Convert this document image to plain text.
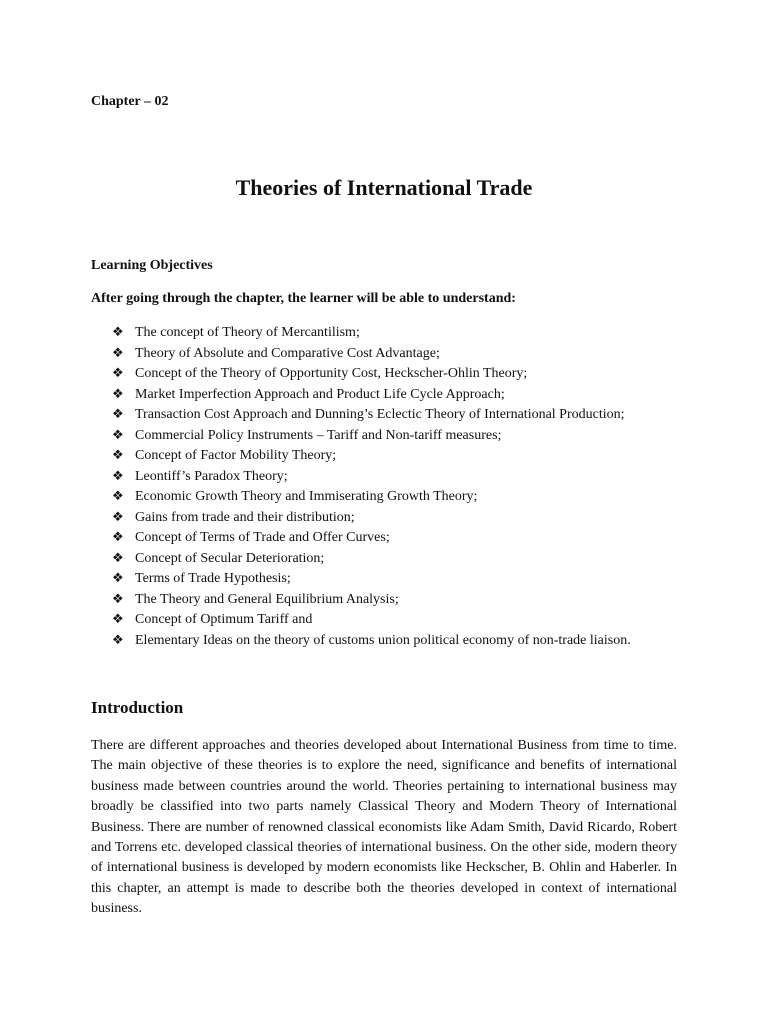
Chapter – 02
Theories of International Trade
Learning Objectives
After going through the chapter, the learner will be able to understand:
❖ The concept of Theory of Mercantilism;
❖ Theory of Absolute and Comparative Cost Advantage;
❖ Concept of the Theory of Opportunity Cost, Heckscher-Ohlin Theory;
❖ Market Imperfection Approach and Product Life Cycle Approach;
❖ Transaction Cost Approach and Dunning’s Eclectic Theory of International Production;
❖ Commercial Policy Instruments – Tariff and Non-tariff measures;
❖ Concept of Factor Mobility Theory;
❖ Leontiff’s Paradox Theory;
❖ Economic Growth Theory and Immiserating Growth Theory;
❖ Gains from trade and their distribution;
❖ Concept of Terms of Trade and Offer Curves;
❖ Concept of Secular Deterioration;
❖ Terms of Trade Hypothesis;
❖ The Theory and General Equilibrium Analysis;
❖ Concept of Optimum Tariff and
❖ Elementary Ideas on the theory of customs union political economy of non-trade liaison.
Introduction

There are different approaches and theories developed about International Business from time to time. The main objective of these theories is to explore the need, significance and benefits of international business made between countries around the world. Theories pertaining to international business may broadly be classified into two parts namely Classical Theory and Modern Theory of International Business. There are number of renowned classical economists like Adam Smith, David Ricardo, Robert and Torrens etc. developed classical theories of international business. On the other side, modern theory of international business is developed by modern economists like Heckscher, B. Ohlin and Haberler. In this chapter, an attempt is made to describe both the theories developed in context of international business.
